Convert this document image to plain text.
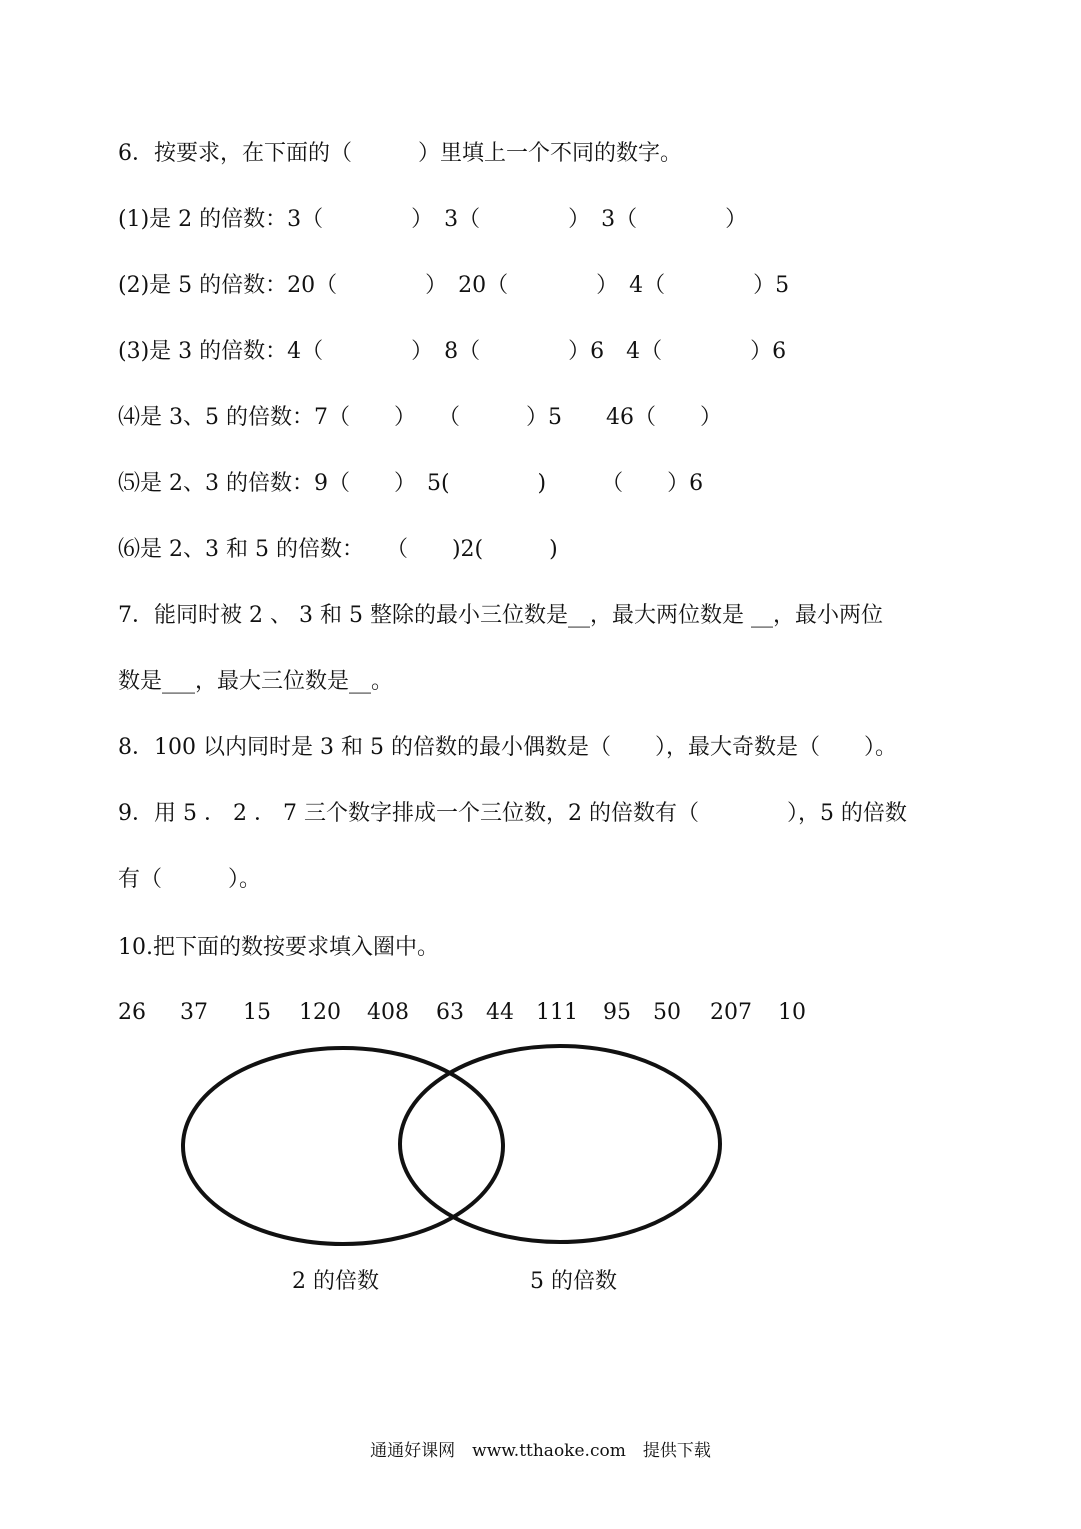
6．按要求，在下面的（　　　）里填上一个不同的数字。
(1)是 2 的倍数：3（　　　　）　3（　　　　）　3（　　　　）
(2)是 5 的倍数：20（　　　　）　20（　　　　）　4（　　　　）5
(3)是 3 的倍数：4（　　　　）　8（　　　　）6　4（　　　　）6
⑷是 3、5 的倍数：7（　　）　　（　　　）5　　46（　　）
⑸是 2、3 的倍数：9（　　）　5(　　　　)　　　（　　）6
⑹是 2、3 和 5 的倍数：　　（　　)2(　　　)
7．能同时被 2 、 3 和 5 整除的最小三位数是__，最大两位数是 __，最小两位
数是___，最大三位数是__。
8．100 以内同时是 3 和 5 的倍数的最小偶数是（　　），最大奇数是（　　）。
9．用 5 ． 2 ． 7 三个数字排成一个三位数，2 的倍数有（　　　　），5 的倍数
有（　　　）。
10.把下面的数按要求填入圈中。
26 37 15 120 408 63 44 111 95 50 207 10
2 的倍数	5 的倍数
通通好课网　www.tthaoke.com　提供下载
